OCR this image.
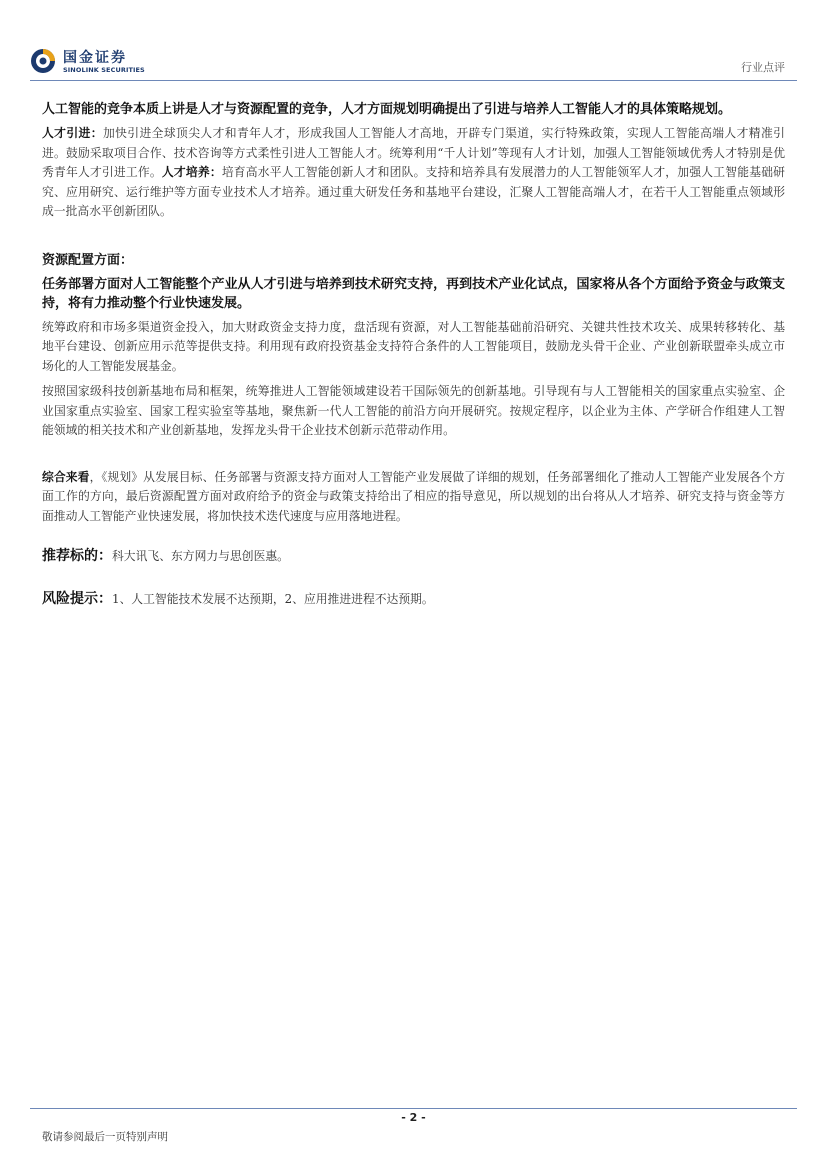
国金证券
SINOLINK SECURITIES	行业点评

人工智能的竞争本质上讲是人才与资源配置的竞争，人才方面规划明确提出了引进与培养人工智能人才的具体策略规划。

人才引进：加快引进全球顶尖人才和青年人才，形成我国人工智能人才高地，开辟专门渠道，实行特殊政策，实现人工智能高端人才精准引进。鼓励采取项目合作、技术咨询等方式柔性引进人工智能人才。统筹利用“千人计划”等现有人才计划，加强人工智能领域优秀人才特别是优秀青年人才引进工作。人才培养：培育高水平人工智能创新人才和团队。支持和培养具有发展潜力的人工智能领军人才，加强人工智能基础研究、应用研究、运行维护等方面专业技术人才培养。通过重大研发任务和基地平台建设，汇聚人工智能高端人才，在若干人工智能重点领域形成一批高水平创新团队。

资源配置方面：

任务部署方面对人工智能整个产业从人才引进与培养到技术研究支持，再到技术产业化试点，国家将从各个方面给予资金与政策支持，将有力推动整个行业快速发展。

统筹政府和市场多渠道资金投入，加大财政资金支持力度，盘活现有资源，对人工智能基础前沿研究、关键共性技术攻关、成果转移转化、基地平台建设、创新应用示范等提供支持。利用现有政府投资基金支持符合条件的人工智能项目，鼓励龙头骨干企业、产业创新联盟牵头成立市场化的人工智能发展基金。

按照国家级科技创新基地布局和框架，统筹推进人工智能领域建设若干国际领先的创新基地。引导现有与人工智能相关的国家重点实验室、企业国家重点实验室、国家工程实验室等基地，聚焦新一代人工智能的前沿方向开展研究。按规定程序，以企业为主体、产学研合作组建人工智能领域的相关技术和产业创新基地，发挥龙头骨干企业技术创新示范带动作用。

综合来看，《规划》从发展目标、任务部署与资源支持方面对人工智能产业发展做了详细的规划，任务部署细化了推动人工智能产业发展各个方面工作的方向，最后资源配置方面对政府给予的资金与政策支持给出了相应的指导意见，所以规划的出台将从人才培养、研究支持与资金等方面推动人工智能产业快速发展，将加快技术迭代速度与应用落地进程。

推荐标的：科大讯飞、东方网力与思创医惠。

风险提示：1、人工智能技术发展不达预期，2、应用推进进程不达预期。

- 2 -
敬请参阅最后一页特别声明
